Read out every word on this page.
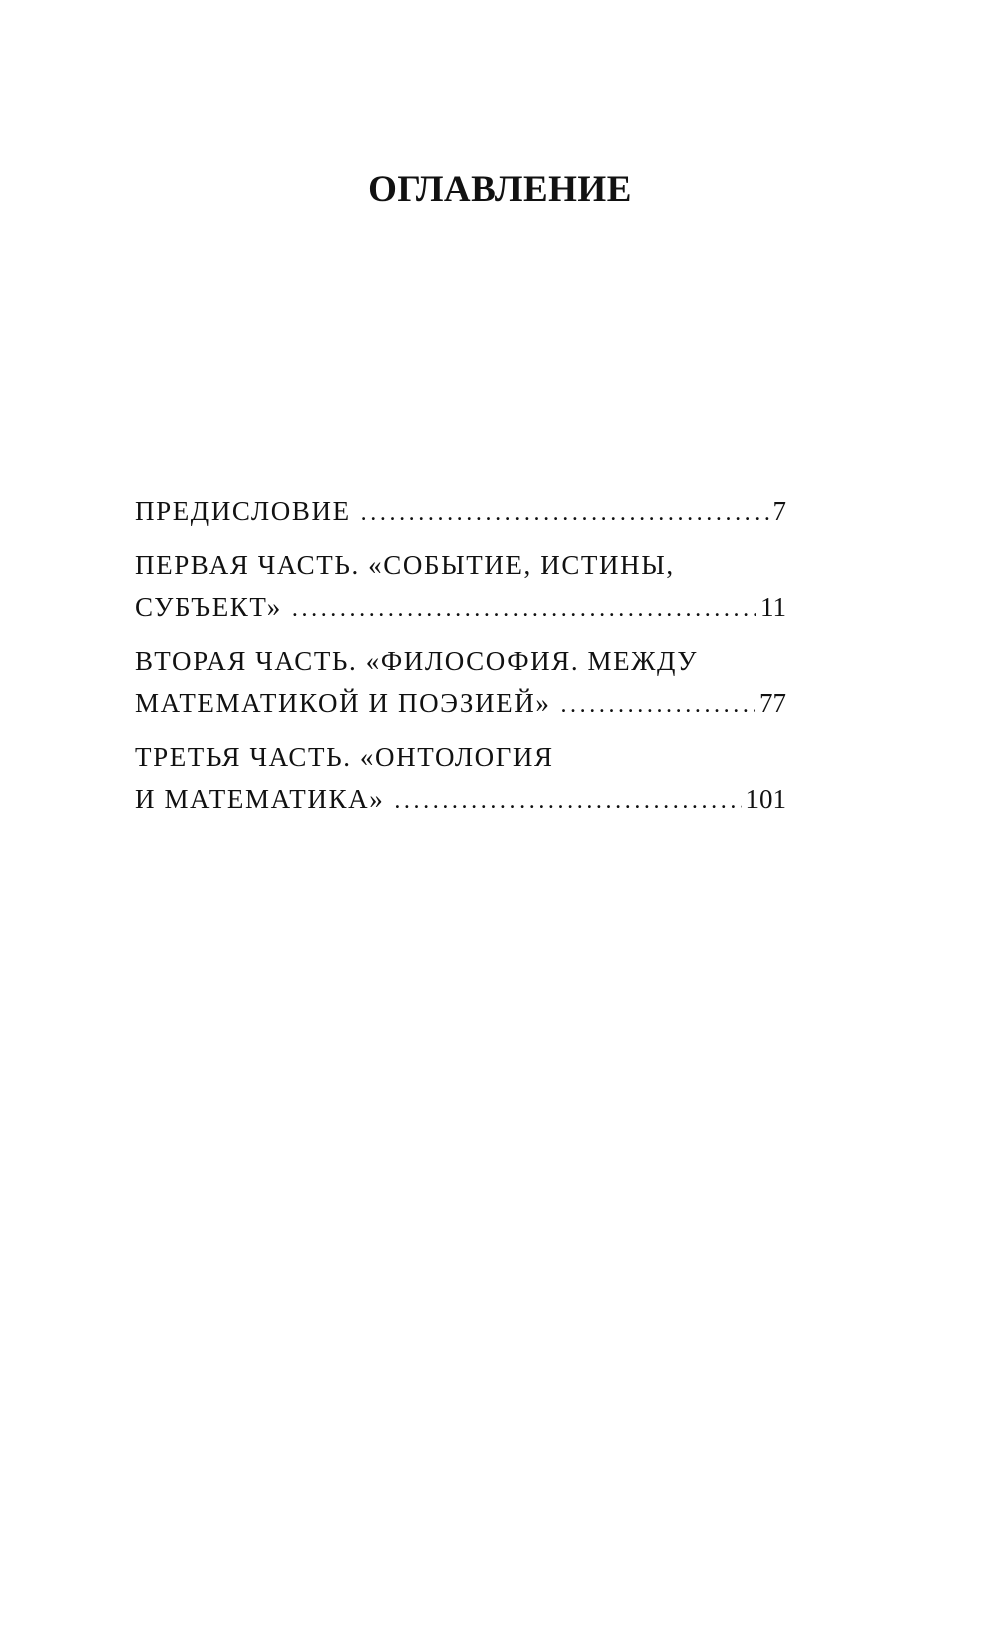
ОГЛАВЛЕНИЕ
ПРЕДИСЛОВИЕ . . .	7
ПЕРВАЯ ЧАСТЬ. «СОБЫТИЕ, ИСТИНЫ,
СУБЪЕКТ» . . .	11
ВТОРАЯ ЧАСТЬ. «ФИЛОСОФИЯ. МЕЖДУ
МАТЕМАТИКОЙ И ПОЭЗИЕЙ» . . .	77
ТРЕТЬЯ ЧАСТЬ. «ОНТОЛОГИЯ
И МАТЕМАТИКА» . . .	101
